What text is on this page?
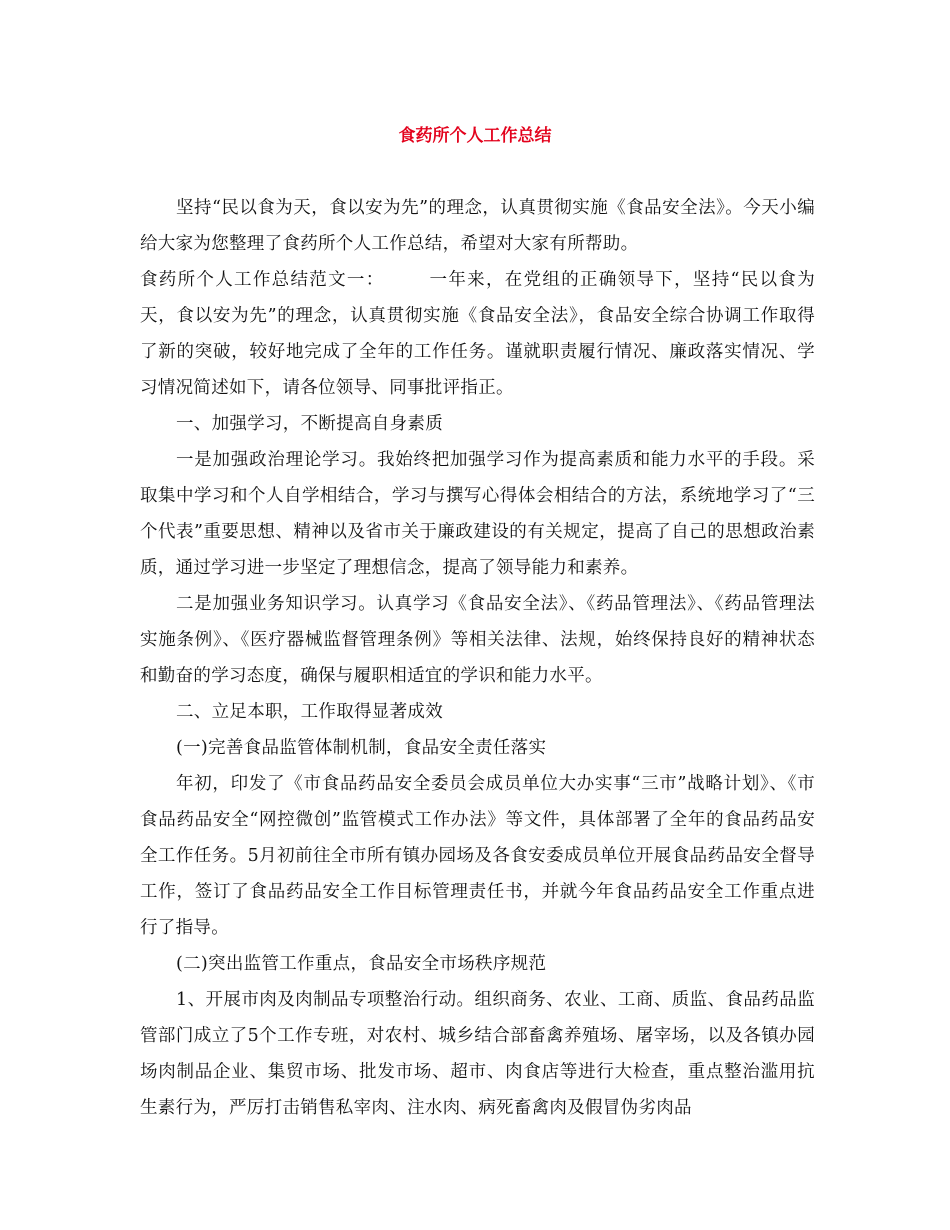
食药所个人工作总结

坚持“民以食为天，食以安为先”的理念，认真贯彻实施《食品安全法》。今天小编给大家为您整理了食药所个人工作总结，希望对大家有所帮助。

食药所个人工作总结范文一：	一年来，在党组的正确领导下，坚持“民以食为天，食以安为先”的理念，认真贯彻实施《食品安全法》，食品安全综合协调工作取得了新的突破，较好地完成了全年的工作任务。谨就职责履行情况、廉政落实情况、学习情况简述如下，请各位领导、同事批评指正。

一、加强学习，不断提高自身素质

一是加强政治理论学习。我始终把加强学习作为提高素质和能力水平的手段。采取集中学习和个人自学相结合，学习与撰写心得体会相结合的方法，系统地学习了“三个代表”重要思想、精神以及省市关于廉政建设的有关规定，提高了自己的思想政治素质，通过学习进一步坚定了理想信念，提高了领导能力和素养。

二是加强业务知识学习。认真学习《食品安全法》、《药品管理法》、《药品管理法实施条例》、《医疗器械监督管理条例》等相关法律、法规，始终保持良好的精神状态和勤奋的学习态度，确保与履职相适宜的学识和能力水平。

二、立足本职，工作取得显著成效

(一)完善食品监管体制机制，食品安全责任落实

年初，印发了《市食品药品安全委员会成员单位大办实事“三市”战略计划》、《市食品药品安全“网控微创”监管模式工作办法》等文件，具体部署了全年的食品药品安全工作任务。5月初前往全市所有镇办园场及各食安委成员单位开展食品药品安全督导工作，签订了食品药品安全工作目标管理责任书，并就今年食品药品安全工作重点进行了指导。

(二)突出监管工作重点，食品安全市场秩序规范

1、开展市肉及肉制品专项整治行动。组织商务、农业、工商、质监、食品药品监管部门成立了5个工作专班，对农村、城乡结合部畜禽养殖场、屠宰场，以及各镇办园场肉制品企业、集贸市场、批发市场、超市、肉食店等进行大检查，重点整治滥用抗生素行为，严厉打击销售私宰肉、注水肉、病死畜禽肉及假冒伪劣肉品
